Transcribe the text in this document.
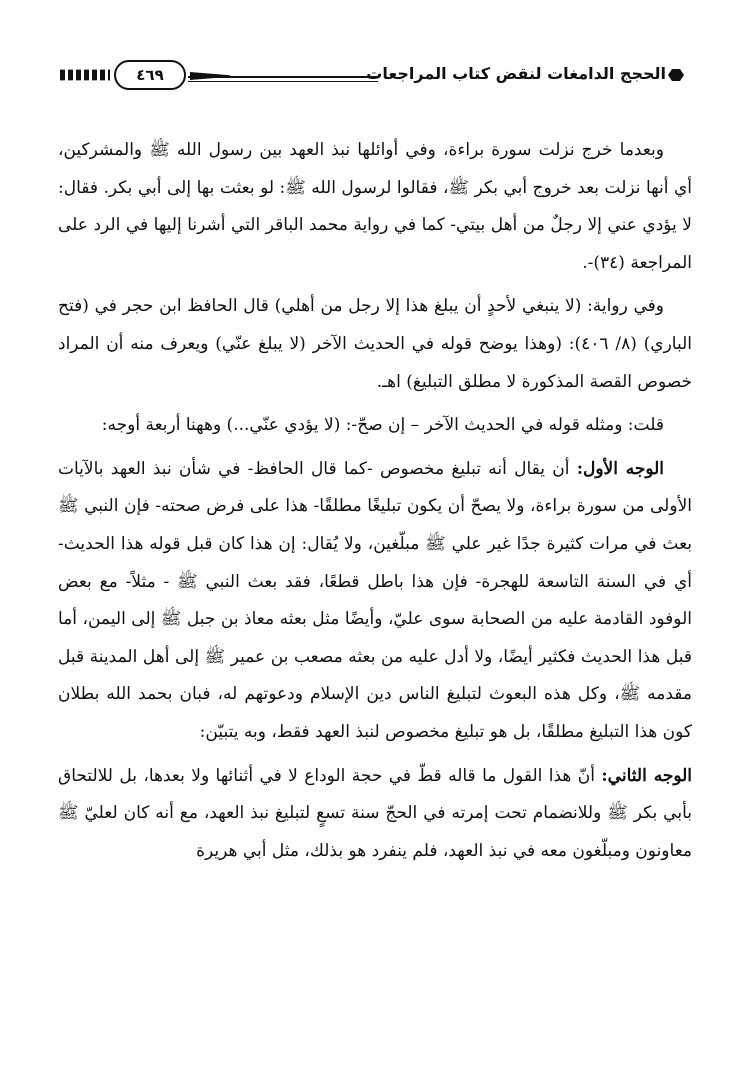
الحجج الدامغات لنقض كتاب المراجعات
٤٦٩

وبعدما خرج نزلت سورة براءة، وفي أوائلها نبذ العهد بين رسول الله ﷺ والمشركين، أي أنها نزلت بعد خروج أبي بكر ﷺ، فقالوا لرسول الله ﷺ: لو بعثت بها إلى أبي بكر. فقال: لا يؤدي عني إلا رجلٌ من أهل بيتي- كما في رواية محمد الباقر التي أشرنا إليها في الرد على المراجعة (٣٤)-.

وفي رواية: (لا ينبغي لأحدٍ أن يبلغ هذا إلا رجل من أهلي) قال الحافظ ابن حجر في (فتح الباري) (٨/ ٤٠٦): (وهذا يوضح قوله في الحديث الآخر (لا يبلغ عنّي) ويعرف منه أن المراد خصوص القصة المذكورة لا مطلق التبليغ) اهـ.

قلت: ومثله قوله في الحديث الآخر – إن صحّ-: (لا يؤدي عنّي...) وههنا أربعة أوجه:

الوجه الأول: أن يقال أنه تبليغ مخصوص -كما قال الحافظ- في شأن نبذ العهد بالآيات الأولى من سورة براءة، ولا يصحّ أن يكون تبليغًا مطلقًا- هذا على فرض صحته- فإن النبي ﷺ بعث في مرات كثيرة جدًا غير علي ﷺ مبلّغين، ولا يُقال: إن هذا كان قبل قوله هذا الحديث- أي في السنة التاسعة للهجرة- فإن هذا باطل قطعًا، فقد بعث النبي ﷺ - مثلاً- مع بعض الوفود القادمة عليه من الصحابة سوى عليّ، وأيضًا مثل بعثه معاذ بن جبل ﷺ إلى اليمن، أما قبل هذا الحديث فكثير أيضًا، ولا أدل عليه من بعثه مصعب بن عمير ﷺ إلى أهل المدينة قبل مقدمه ﷺ، وكل هذه البعوث لتبليغ الناس دين الإسلام ودعوتهم له، فبان بحمد الله بطلان كون هذا التبليغ مطلقًا، بل هو تبليغ مخصوص لنبذ العهد فقط، وبه يتبيّن:

الوجه الثاني: أنّ هذا القول ما قاله قطّ في حجة الوداع لا في أثنائها ولا بعدها، بل للالتحاق بأبي بكر ﷺ وللانضمام تحت إمرته في الحجّ سنة تسعٍ لتبليغ نبذ العهد، مع أنه كان لعليّ ﷺ معاونون ومبلّغون معه في نبذ العهد، فلم ينفرد هو بذلك، مثل أبي هريرة
